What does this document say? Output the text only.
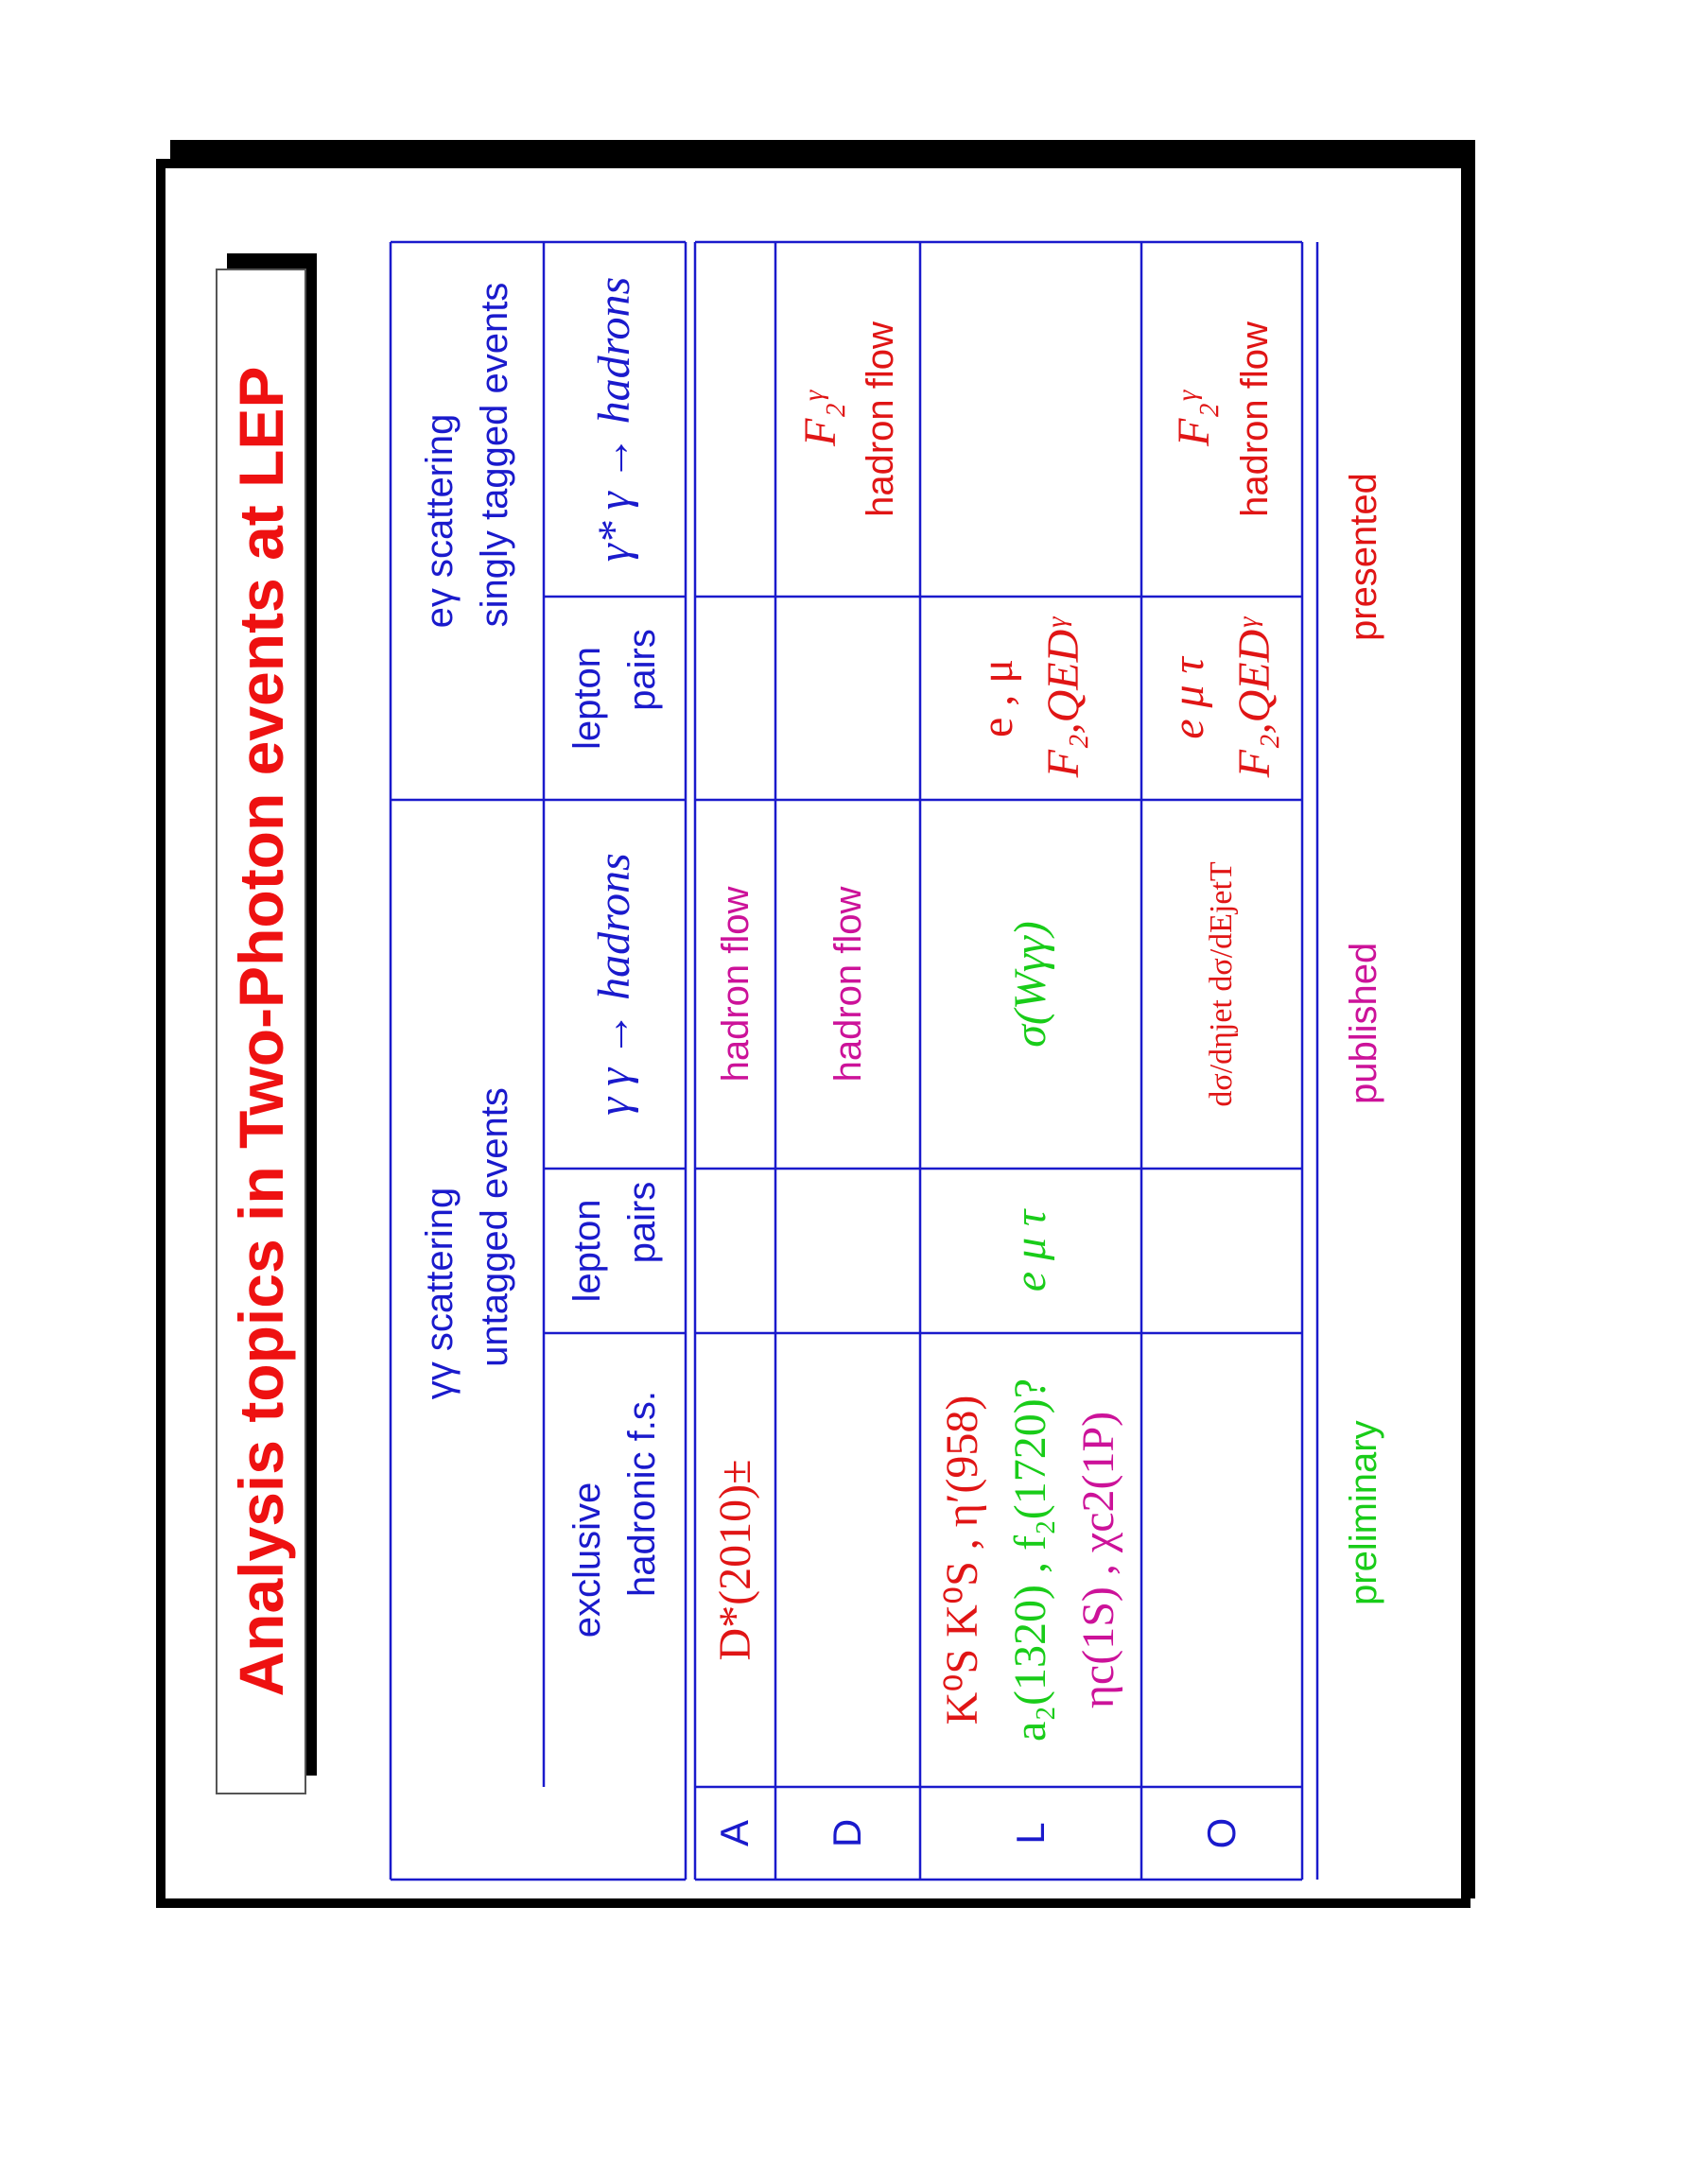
Analysis topics in Two-Photon events at LEP	γγ scattering untagged events
eγ scattering singly tagged events
exclusive hadronic f.s.
lepton pairs
γ γ → hadrons
lepton pairs
γ* γ → hadrons
A
D*(2010)±
hadron flow
D
hadron flow
F₂ᵞ hadron flow
L
K⁰S K⁰S , η′(958) a₂(1320) , f₂(1720)? ηc(1S) , χc2(1P)
e μ τ
σ(Wγγ)
e , μ F₂,QEDᵞ
O
dσ/dηjet dσ/dEjetT
e μ τ F₂,QEDᵞ
F₂ᵞ hadron flow
preliminary
published
presented
